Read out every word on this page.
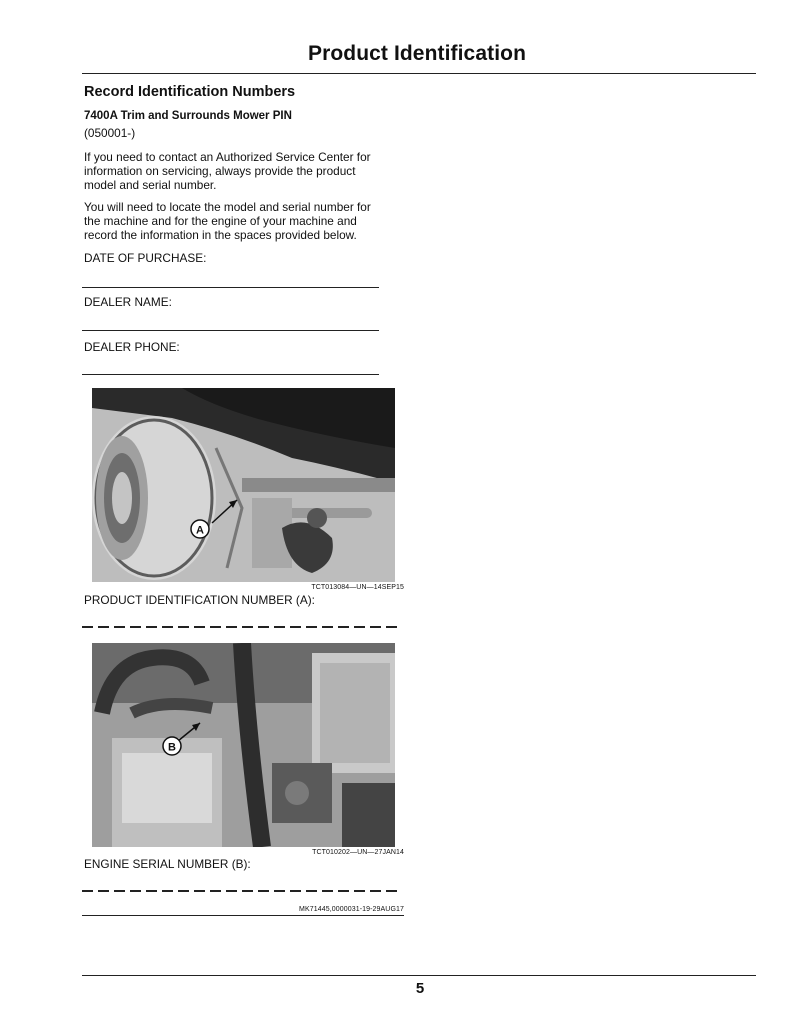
Product Identification
Record Identification Numbers
7400A Trim and Surrounds Mower PIN
(050001-)
If you need to contact an Authorized Service Center for
information on servicing, always provide the product
model and serial number.
You will need to locate the model and serial number for
the machine and for the engine of your machine and
record the information in the spaces provided below.
DATE OF PURCHASE:
DEALER NAME:
DEALER PHONE:
A
TCT013084—UN—14SEP15
PRODUCT IDENTIFICATION NUMBER (A):
B
TCT010202—UN—27JAN14
ENGINE SERIAL NUMBER (B):
MK71445,0000031-19-29AUG17
5
